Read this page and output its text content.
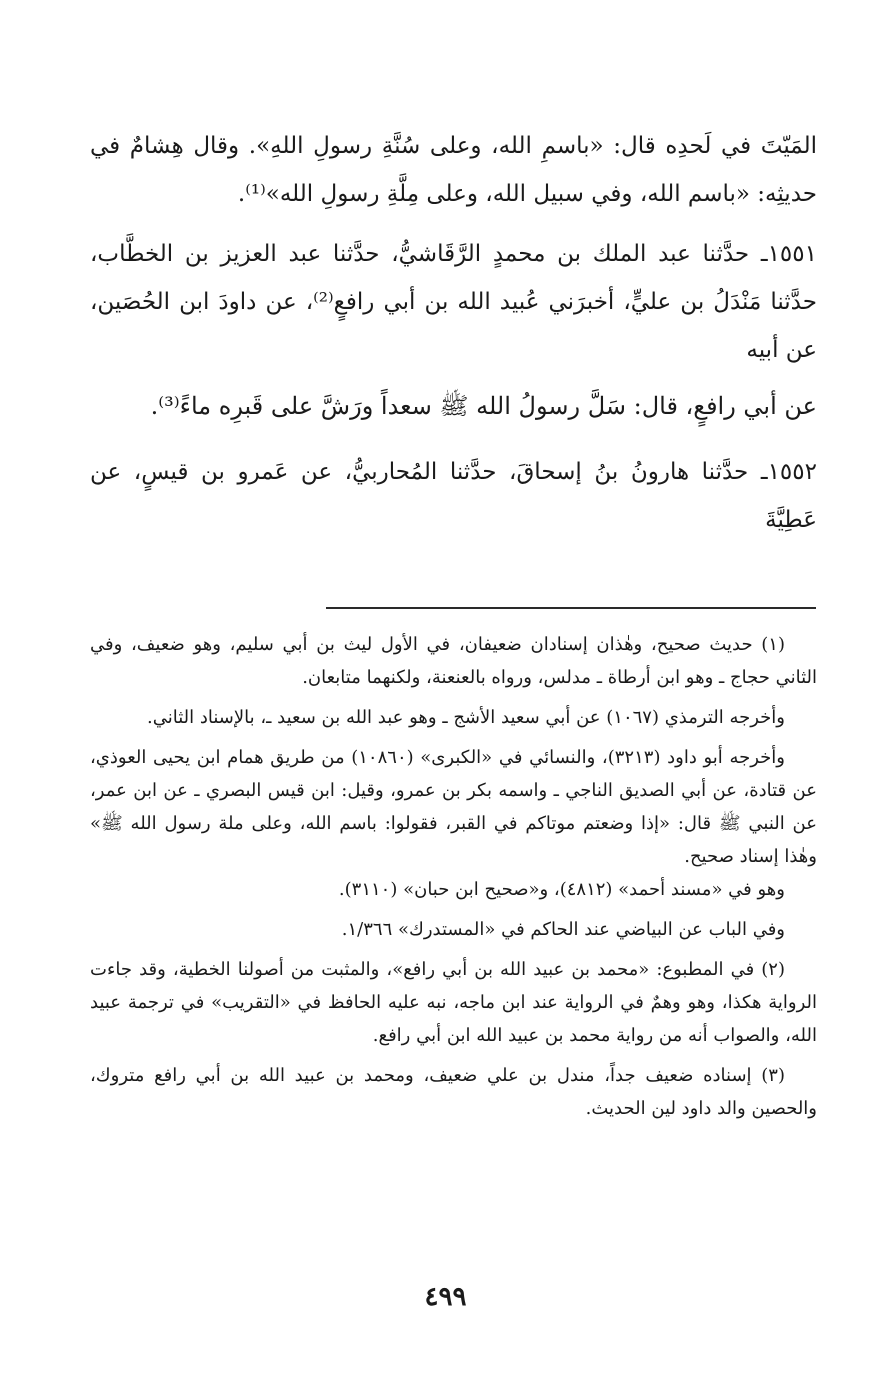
المَيّتَ في لَحدِه قال: «باسمِ الله، وعلى سُنَّةِ رسولِ اللهِ». وقال هِشامٌ في حديثِه: «باسم الله، وفي سبيل الله، وعلى مِلَّةِ رسولِ الله»⁽¹⁾.

١٥٥١ـ حدَّثنا عبد الملك بن محمدٍ الرَّقَاشيُّ، حدَّثنا عبد العزيز بن الخطَّاب، حدَّثنا مَنْدَلُ بن عليٍّ، أخبرَني عُبيد الله بن أبي رافعٍ⁽²⁾، عن داودَ ابن الحُصَين، عن أبيه

عن أبي رافعٍ، قال: سَلَّ رسولُ الله ﷺ سعداً ورَشَّ على قَبرِه ماءً⁽³⁾.

١٥٥٢ـ حدَّثنا هارونُ بنُ إسحاقَ، حدَّثنا المُحاربيُّ، عن عَمرو بن قيسٍ، عن عَطِيَّةَ

(١) حديث صحيح، وهٰذان إسنادان ضعيفان، في الأول ليث بن أبي سليم، وهو ضعيف، وفي الثاني حجاج ـ وهو ابن أرطاة ـ مدلس، ورواه بالعنعنة، ولكنهما متابعان.

وأخرجه الترمذي (١٠٦٧) عن أبي سعيد الأشج ـ وهو عبد الله بن سعيد ـ، بالإسناد الثاني.

وأخرجه أبو داود (٣٢١٣)، والنسائي في «الكبرى» (١٠٨٦٠) من طريق همام ابن يحيى العوذي، عن قتادة، عن أبي الصديق الناجي ـ واسمه بكر بن عمرو، وقيل: ابن قيس البصري ـ عن ابن عمر، عن النبي ﷺ قال: «إذا وضعتم موتاكم في القبر، فقولوا: باسم الله، وعلى ملة رسول الله ﷺ» وهٰذا إسناد صحيح.

وهو في «مسند أحمد» (٤٨١٢)، و«صحيح ابن حبان» (٣١١٠).

وفي الباب عن البياضي عند الحاكم في «المستدرك» ١/٣٦٦.

(٢) في المطبوع: «محمد بن عبيد الله بن أبي رافع»، والمثبت من أصولنا الخطية، وقد جاءت الرواية هكذا، وهو وهمٌ في الرواية عند ابن ماجه، نبه عليه الحافظ في «التقريب» في ترجمة عبيد الله، والصواب أنه من رواية محمد بن عبيد الله ابن أبي رافع.

(٣) إسناده ضعيف جداً، مندل بن علي ضعيف، ومحمد بن عبيد الله بن أبي رافع متروك، والحصين والد داود لين الحديث.

٤٩٩
